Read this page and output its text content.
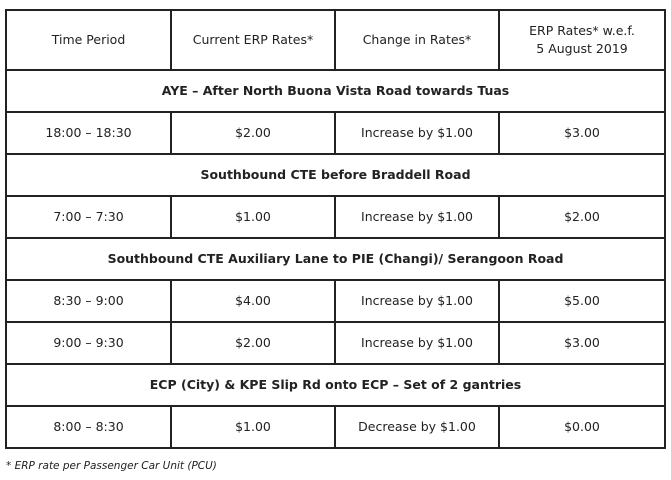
Time Period	Current ERP Rates*	Change in Rates*	ERP Rates* w.e.f.
5 August 2019
AYE – After North Buona Vista Road towards Tuas			
18:00 – 18:30	$2.00	Increase by $1.00	$3.00
Southbound CTE before Braddell Road			
7:00 – 7:30	$1.00	Increase by $1.00	$2.00
Southbound CTE Auxiliary Lane to PIE (Changi)/ Serangoon Road			
8:30 – 9:00	$4.00	Increase by $1.00	$5.00
9:00 – 9:30	$2.00	Increase by $1.00	$3.00
ECP (City) & KPE Slip Rd onto ECP – Set of 2 gantries			
8:00 – 8:30	$1.00	Decrease by $1.00	$0.00
* ERP rate per Passenger Car Unit (PCU)
